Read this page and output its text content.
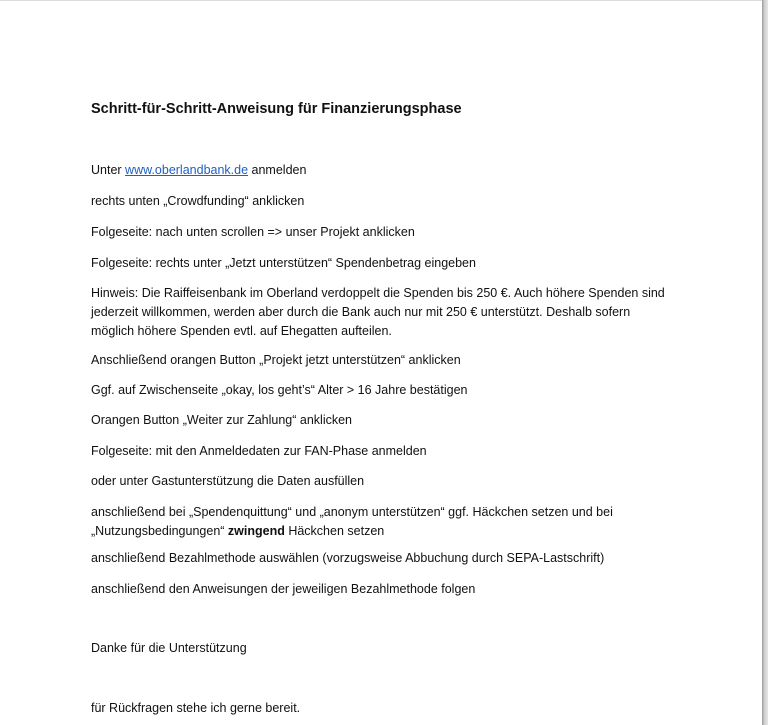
Schritt-für-Schritt-Anweisung für Finanzierungsphase

Unter www.oberlandbank.de anmelden

rechts unten „Crowdfunding“ anklicken

Folgeseite: nach unten scrollen => unser Projekt anklicken

Folgeseite: rechts unter „Jetzt unterstützen“ Spendenbetrag eingeben

Hinweis: Die Raiffeisenbank im Oberland verdoppelt die Spenden bis 250 €. Auch höhere Spenden sind jederzeit willkommen, werden aber durch die Bank auch nur mit 250 € unterstützt. Deshalb sofern möglich höhere Spenden evtl. auf Ehegatten aufteilen.

Anschließend orangen Button „Projekt jetzt unterstützen“ anklicken

Ggf. auf Zwischenseite „okay, los geht’s“ Alter > 16 Jahre bestätigen

Orangen Button „Weiter zur Zahlung“ anklicken

Folgeseite: mit den Anmeldedaten zur FAN-Phase anmelden

oder unter Gastunterstützung die Daten ausfüllen

anschließend bei „Spendenquittung“ und „anonym unterstützen“ ggf. Häckchen setzen und bei „Nutzungsbedingungen“ zwingend Häckchen setzen

anschließend Bezahlmethode auswählen (vorzugsweise Abbuchung durch SEPA-Lastschrift)

anschließend den Anweisungen der jeweiligen Bezahlmethode folgen

Danke für die Unterstützung

für Rückfragen stehe ich gerne bereit.
